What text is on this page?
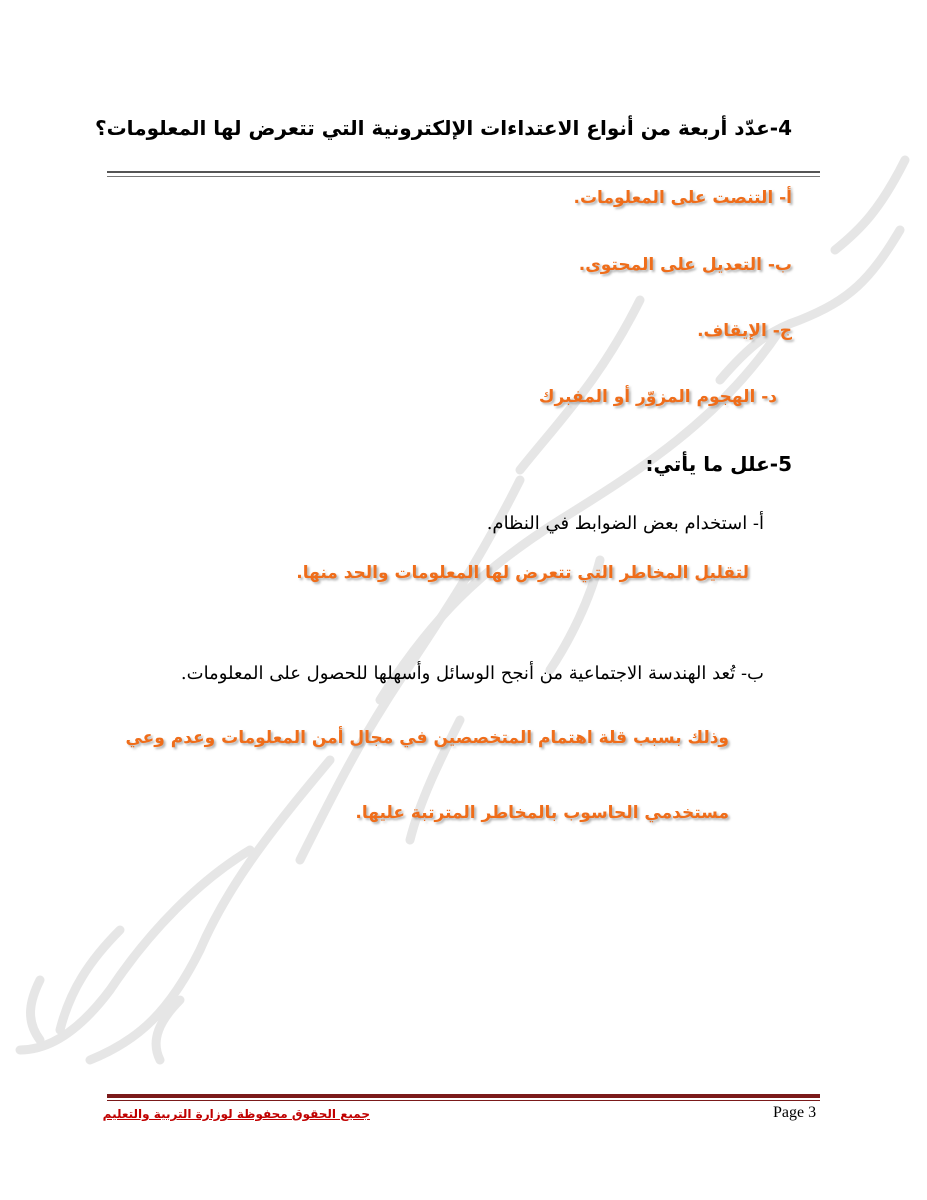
4-عدّد أربعة من أنواع الاعتداءات الإلكترونية التي تتعرض لها المعلومات؟
أ- التنصت على المعلومات.
ب- التعديل على المحتوى.
ج- الإيقاف.
د- الهجوم المزوّر أو المفبرك
5-علل ما يأتي:
أ- استخدام بعض الضوابط في النظام.
لتقليل المخاطر التي تتعرض لها المعلومات والحد منها.
ب- تُعد الهندسة الاجتماعية من أنجح الوسائل وأسهلها للحصول على المعلومات.
وذلك بسبب قلة اهتمام المتخصصين في مجال أمن المعلومات وعدم وعي
مستخدمي الحاسوب بالمخاطر المترتبة عليها.
Page 3
جميع الحقوق محفوظة لوزارة التربية والتعليم
